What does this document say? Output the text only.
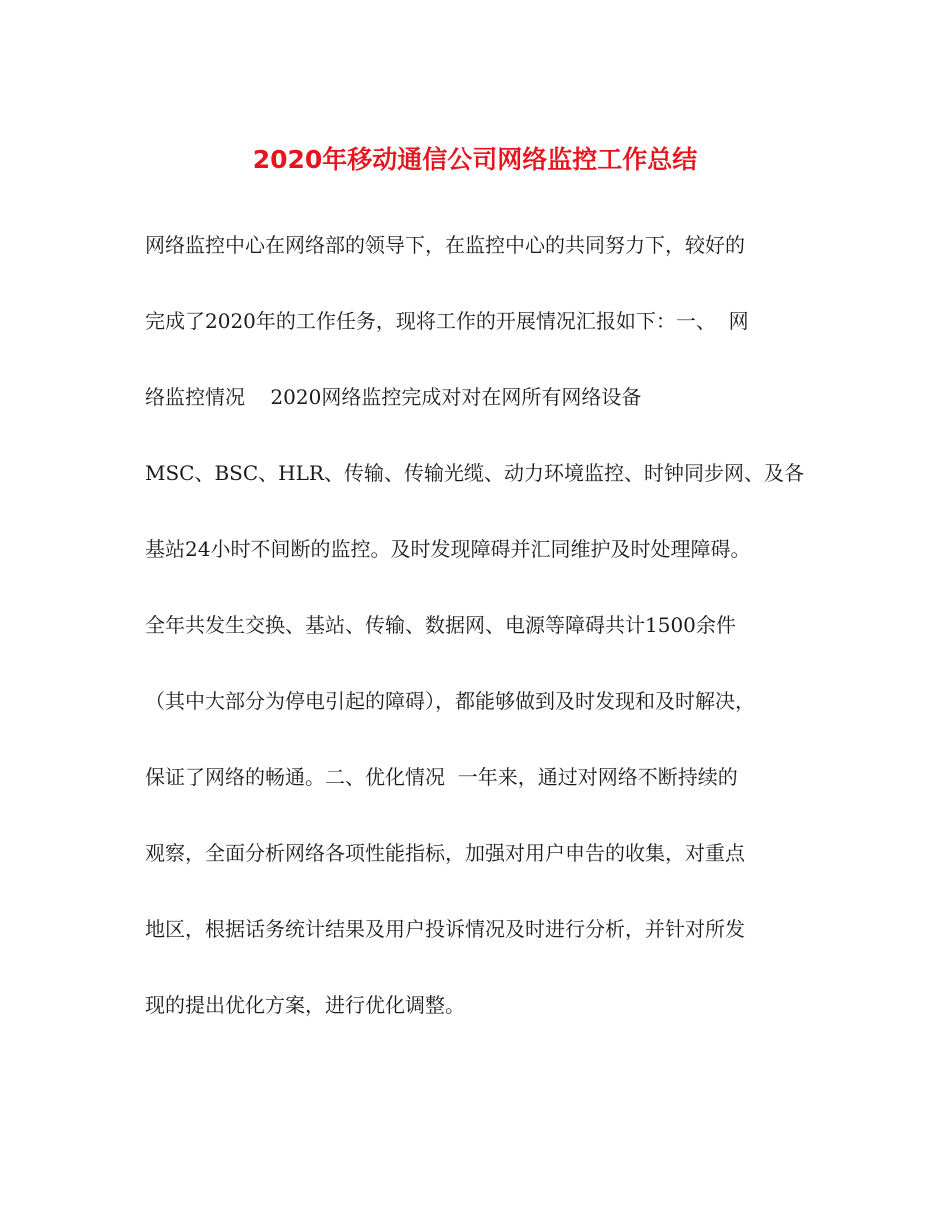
2020年移动通信公司网络监控工作总结

网络监控中心在网络部的领导下，在监控中心的共同努力下，较好的

完成了2020年的工作任务，现将工作的开展情况汇报如下：一、  网

络监控情况    2020网络监控完成对对在网所有网络设备

MSC、BSC、HLR、传输、传输光缆、动力环境监控、时钟同步网、及各

基站24小时不间断的监控。及时发现障碍并汇同维护及时处理障碍。

全年共发生交换、基站、传输、数据网、电源等障碍共计1500余件

（其中大部分为停电引起的障碍），都能够做到及时发现和及时解决，

保证了网络的畅通。二、优化情况  一年来，通过对网络不断持续的

观察，全面分析网络各项性能指标，加强对用户申告的收集，对重点

地区，根据话务统计结果及用户投诉情况及时进行分析，并针对所发

现的提出优化方案，进行优化调整。
